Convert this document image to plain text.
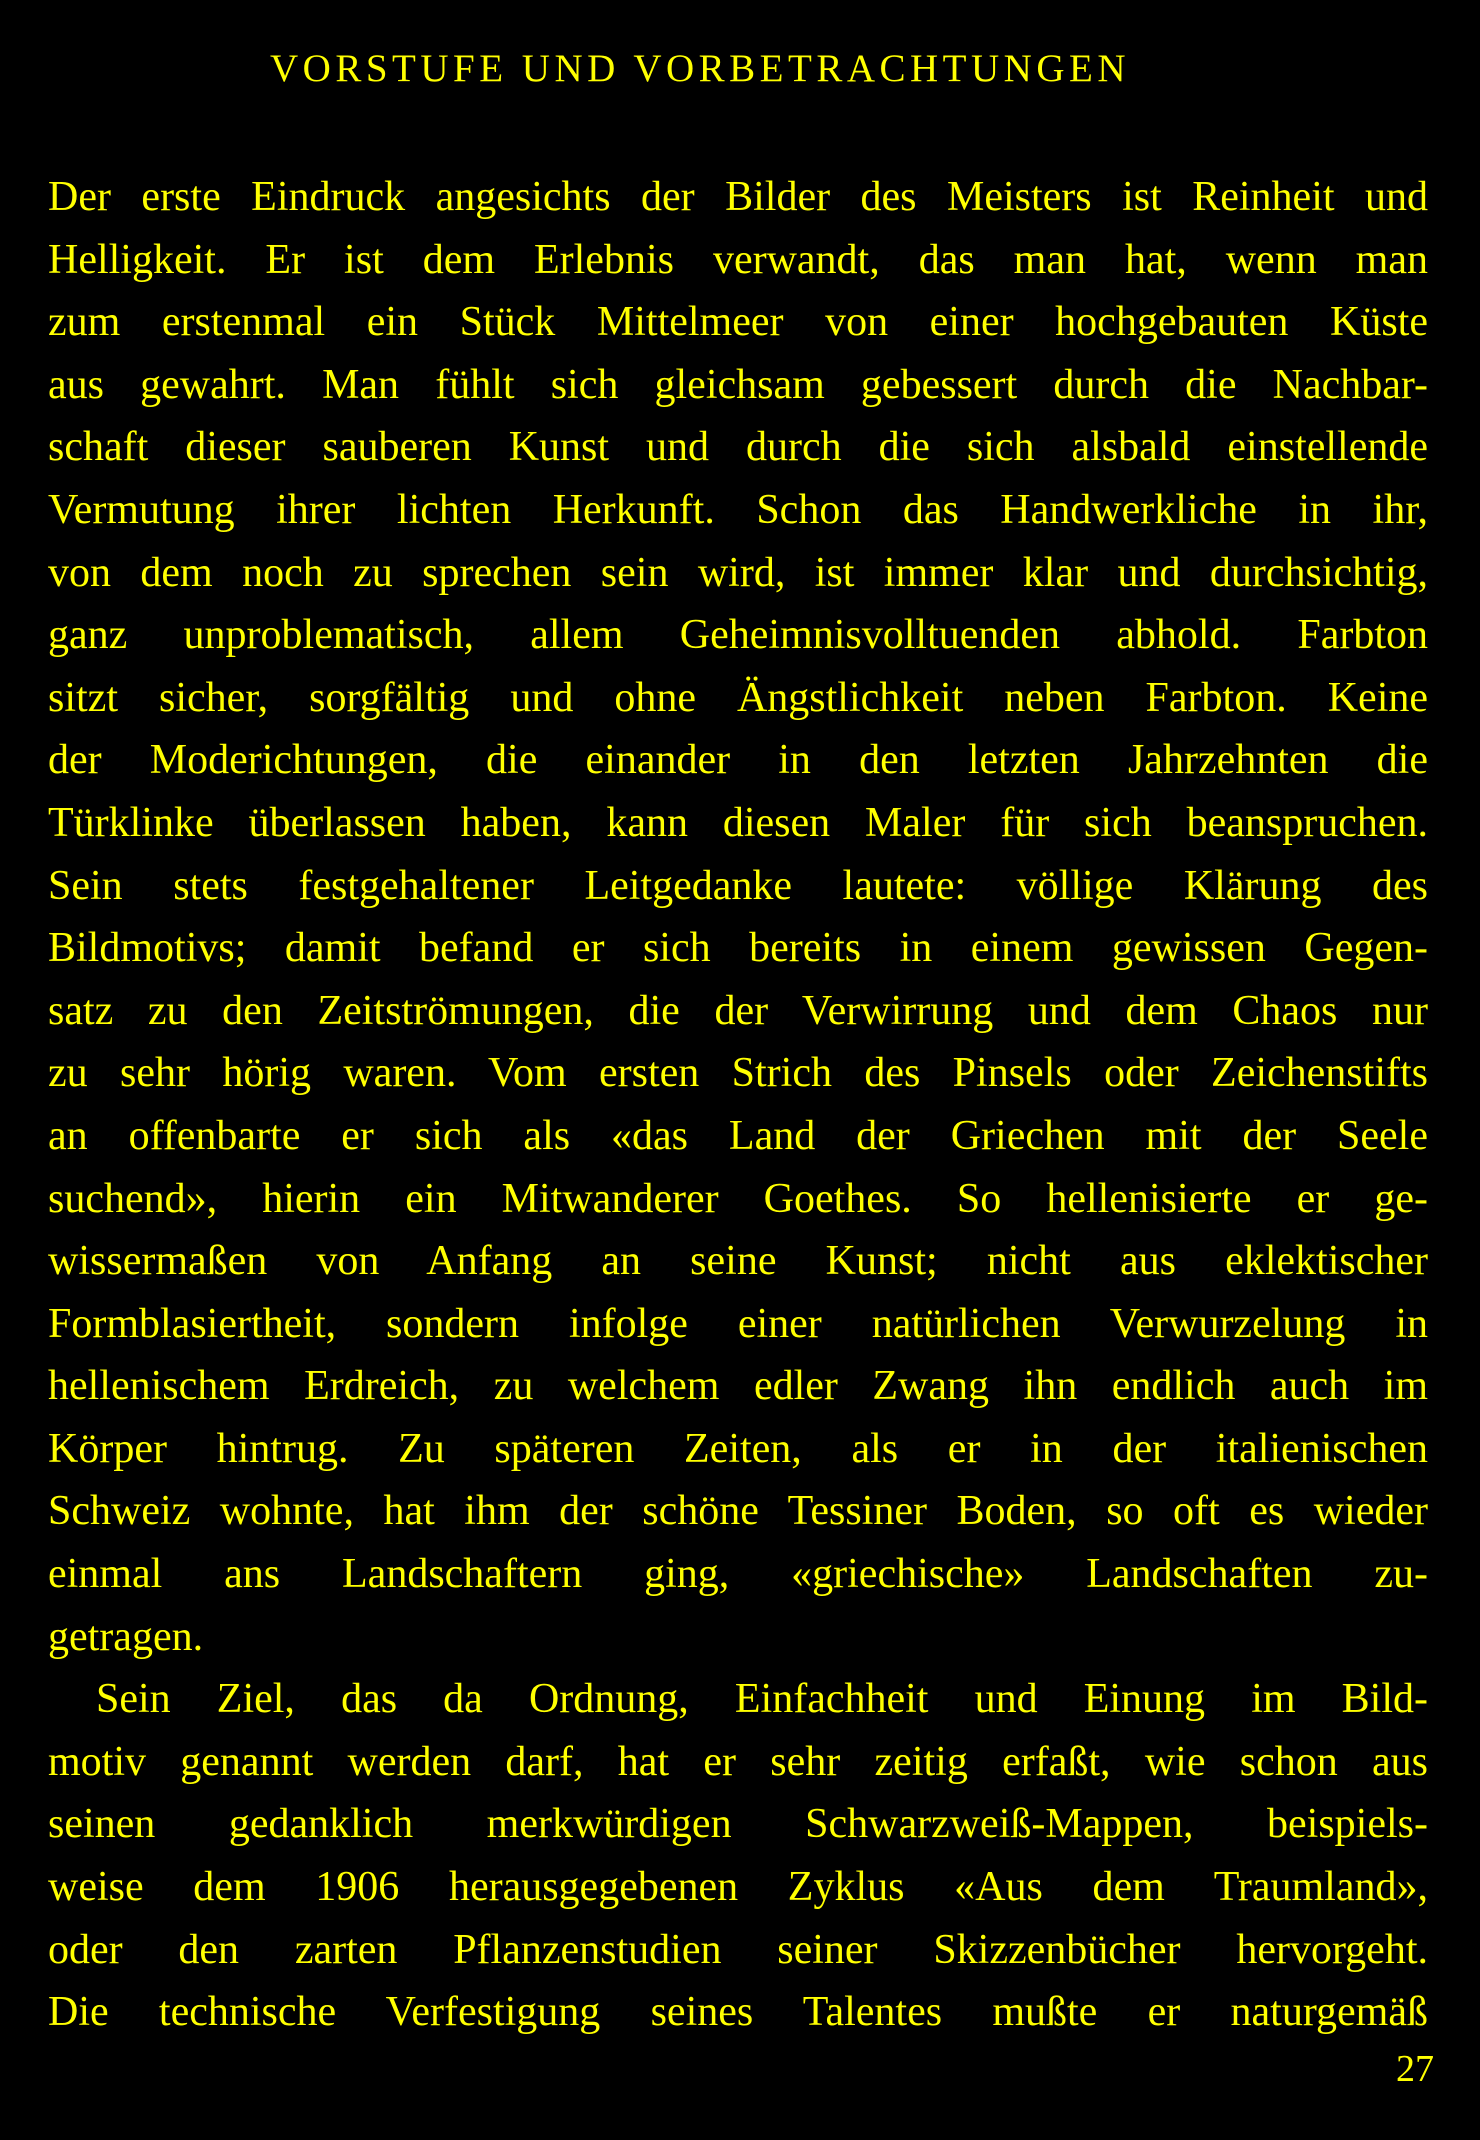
VORSTUFE UND VORBETRACHTUNGEN
Der erste Eindruck angesichts der Bilder des Meisters ist Reinheit und
Helligkeit. Er ist dem Erlebnis verwandt, das man hat, wenn man
zum erstenmal ein Stück Mittelmeer von einer hochgebauten Küste
aus gewahrt. Man fühlt sich gleichsam gebessert durch die Nachbar-
schaft dieser sauberen Kunst und durch die sich alsbald einstellende
Vermutung ihrer lichten Herkunft. Schon das Handwerkliche in ihr,
von dem noch zu sprechen sein wird, ist immer klar und durchsichtig,
ganz unproblematisch, allem Geheimnisvolltuenden abhold. Farbton
sitzt sicher, sorgfältig und ohne Ängstlichkeit neben Farbton. Keine
der Moderichtungen, die einander in den letzten Jahrzehnten die
Türklinke überlassen haben, kann diesen Maler für sich beanspruchen.
Sein stets festgehaltener Leitgedanke lautete: völlige Klärung des
Bildmotivs; damit befand er sich bereits in einem gewissen Gegen-
satz zu den Zeitströmungen, die der Verwirrung und dem Chaos nur
zu sehr hörig waren. Vom ersten Strich des Pinsels oder Zeichenstifts
an offenbarte er sich als «das Land der Griechen mit der Seele
suchend», hierin ein Mitwanderer Goethes. So hellenisierte er ge-
wissermaßen von Anfang an seine Kunst; nicht aus eklektischer
Formblasiertheit, sondern infolge einer natürlichen Verwurzelung in
hellenischem Erdreich, zu welchem edler Zwang ihn endlich auch im
Körper hintrug. Zu späteren Zeiten, als er in der italienischen
Schweiz wohnte, hat ihm der schöne Tessiner Boden, so oft es wieder
einmal ans Landschaftern ging, «griechische» Landschaften zu-
getragen.
Sein Ziel, das da Ordnung, Einfachheit und Einung im Bild-
motiv genannt werden darf, hat er sehr zeitig erfaßt, wie schon aus
seinen gedanklich merkwürdigen Schwarzweiß-Mappen, beispiels-
weise dem 1906 herausgegebenen Zyklus «Aus dem Traumland»,
oder den zarten Pflanzenstudien seiner Skizzenbücher hervorgeht.
Die technische Verfestigung seines Talentes mußte er naturgemäß
27
